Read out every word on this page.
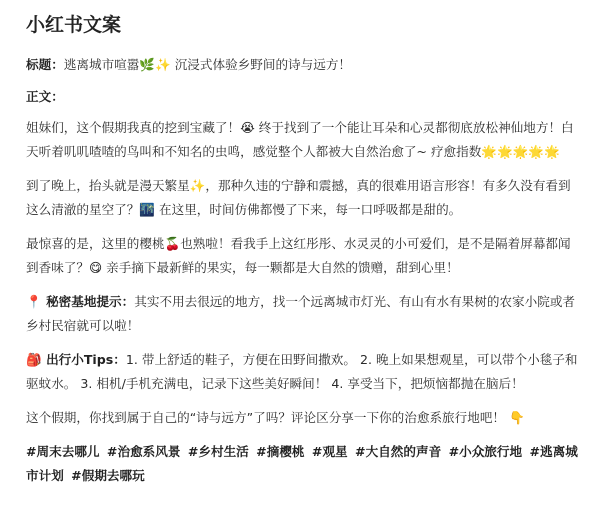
小红书文案

标题：逃离城市喧嚣🌿✨ 沉浸式体验乡野间的诗与远方！

正文：

姐妹们，这个假期我真的挖到宝藏了！😭 终于找到了一个能让耳朵和心灵都彻底放松神仙地方！白天听着叽叽喳喳的鸟叫和不知名的虫鸣，感觉整个人都被大自然治愈了~ 疗愈指数🌟🌟🌟🌟🌟

到了晚上，抬头就是漫天繁星✨，那种久违的宁静和震撼，真的很难用语言形容！有多久没有看到这么清澈的星空了？🌃 在这里，时间仿佛都慢了下来，每一口呼吸都是甜的。

最惊喜的是，这里的樱桃🍒也熟啦！看我手上这红彤彤、水灵灵的小可爱们，是不是隔着屏幕都闻到香味了？😋 亲手摘下最新鲜的果实，每一颗都是大自然的馈赠，甜到心里！

📍 秘密基地提示：其实不用去很远的地方，找一个远离城市灯光、有山有水有果树的农家小院或者乡村民宿就可以啦！

🎒 出行小Tips：1. 带上舒适的鞋子，方便在田野间撒欢。 2. 晚上如果想观星，可以带个小毯子和驱蚊水。 3. 相机/手机充满电，记录下这些美好瞬间！ 4. 享受当下，把烦恼都抛在脑后！

这个假期，你找到属于自己的“诗与远方”了吗？评论区分享一下你的治愈系旅行地吧！ 👇

#周末去哪儿 #治愈系风景 #乡村生活 #摘樱桃 #观星 #大自然的声音 #小众旅行地 #逃离城市计划 #假期去哪玩
